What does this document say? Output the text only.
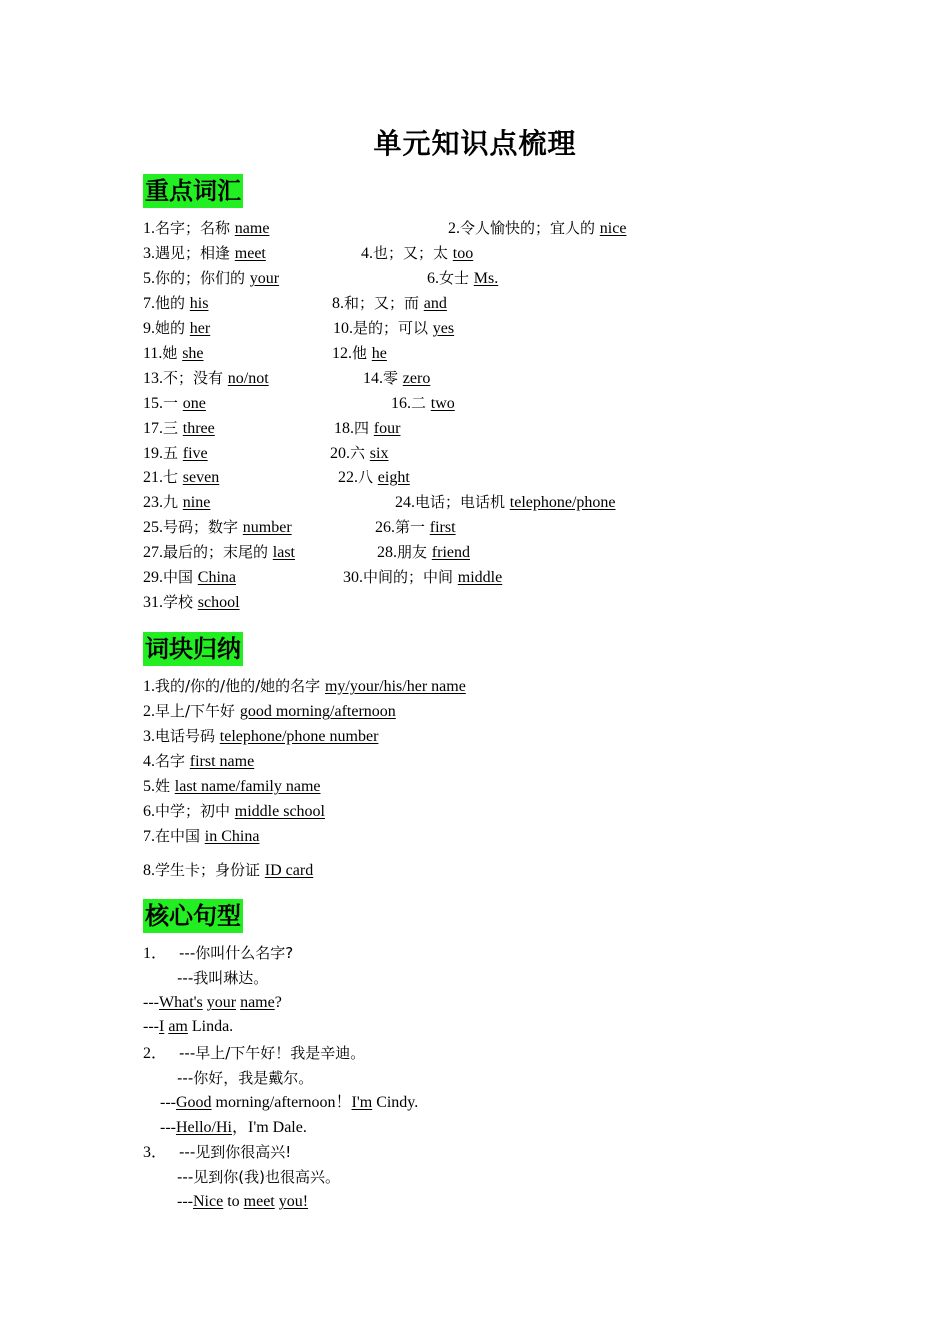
单元知识点梳理
重点词汇
1.名字；名称 name	2.令人愉快的；宜人的 nice
3.遇见；相逢 meet	4.也；又；太 too
5.你的；你们的 your	6.女士 Ms.
7.他的 his	8.和；又；而 and
9.她的 her	10.是的；可以 yes
11.她 she	12.他 he
13.不；没有 no/not	14.零 zero
15.一 one	16.二 two
17.三 three	18.四 four
19.五 five	20.六 six
21.七 seven	22.八 eight
23.九 nine	24.电话；电话机 telephone/phone
25.号码；数字 number	26.第一 first
27.最后的；末尾的 last	28.朋友 friend
29.中国 China	30.中间的；中间 middle
31.学校 school
词块归纳
1.我的/你的/他的/她的名字 my/your/his/her name
2.早上/下午好 good morning/afternoon
3.电话号码 telephone/phone number
4.名字 first name
5.姓 last name/family name
6.中学；初中 middle school
7.在中国 in China
8.学生卡；身份证 ID card
核心句型
1． ---你叫什么名字?
---我叫琳达。
---What's your name?
---I am Linda.
2． ---早上/下午好！我是辛迪。
---你好，我是戴尔。
---Good morning/afternoon！I'm Cindy.
---Hello/Hi，I'm Dale.
3． ---见到你很高兴!
---见到你(我)也很高兴。
---Nice to meet you!
